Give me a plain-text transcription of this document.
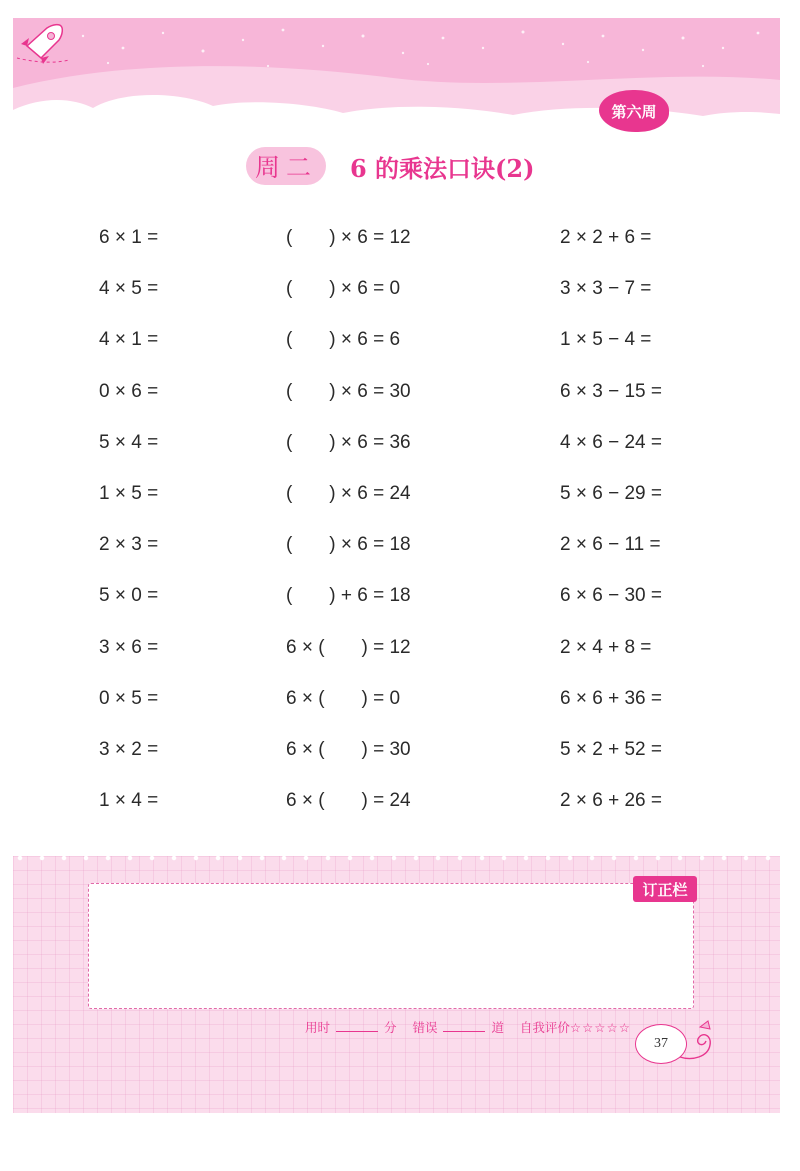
第六周
周二	6 的乘法口诀(2)
6 × 1 =	(       ) × 6 = 12	2 × 2 + 6 =
4 × 5 =	(       ) × 6 = 0	3 × 3 − 7 =
4 × 1 =	(       ) × 6 = 6	1 × 5 − 4 =
0 × 6 =	(       ) × 6 = 30	6 × 3 − 15 =
5 × 4 =	(       ) × 6 = 36	4 × 6 − 24 =
1 × 5 =	(       ) × 6 = 24	5 × 6 − 29 =
2 × 3 =	(       ) × 6 = 18	2 × 6 − 11 =
5 × 0 =	(       ) + 6 = 18	6 × 6 − 30 =
3 × 6 =	6 × (       ) = 12	2 × 4 + 8 =
0 × 5 =	6 × (       ) = 0	6 × 6 + 36 =
3 × 2 =	6 × (       ) = 30	5 × 2 + 52 =
1 × 4 =	6 × (       ) = 24	2 × 6 + 26 =
订正栏
用时	分 错误	道 自我评价☆☆☆☆☆
37
